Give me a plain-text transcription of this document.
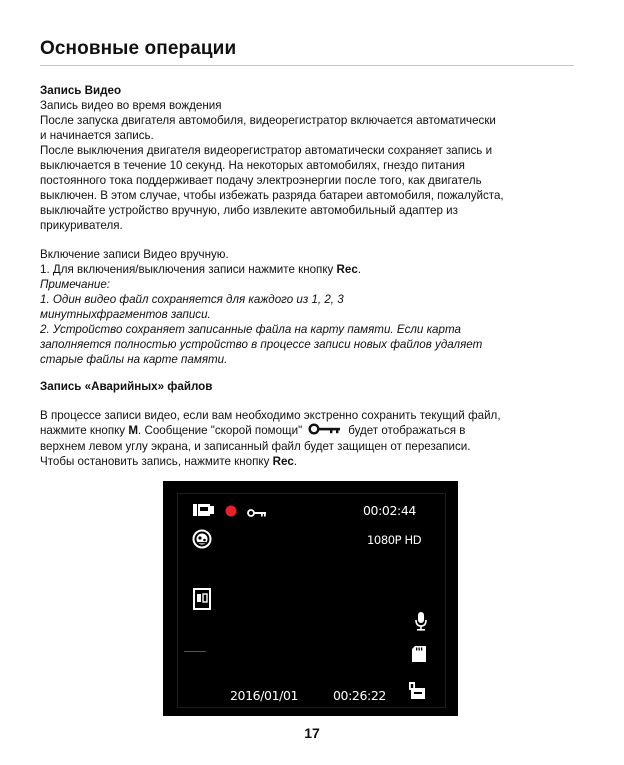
Основные операции

Запись Видео

Запись видео во время вождения

После запуска двигателя автомобиля, видеорегистратор включается автоматически

и начинается запись.

После выключения двигателя видеорегистратор автоматически сохраняет запись и

выключается в течение 10 секунд. На некоторых автомобилях, гнездо питания

постоянного тока поддерживает подачу электроэнергии после того, как двигатель

выключен. В этом случае, чтобы избежать разряда батареи автомобиля, пожалуйста,

выключайте устройство вручную, либо извлеките автомобильный адаптер из

прикуривателя.

Включение записи Видео вручную.

1. Для включения/выключения записи нажмите кнопку Rec.

Примечание:

1. Один видео файл сохраняется для каждого из 1, 2, 3

минутныхфрагментов записи.

2. Устройство сохраняет записанные файла на карту памяти. Если карта

заполняется полностью устройство в процессе записи новых файлов удаляет

старые файлы на карте памяти.

Запись «Аварийных» файлов

В процессе записи видео, если вам необходимо экстренно сохранить текущий файл,

нажмите кнопку M. Сообщение "скорой помощи"	будет отображаться в

верхнем левом углу экрана, и записанный файл будет защищен от перезаписи.

Чтобы остановить запись, нажмите кнопку Rec.

00:02:44
1080P HD
2016/01/01	00:26:22
17
